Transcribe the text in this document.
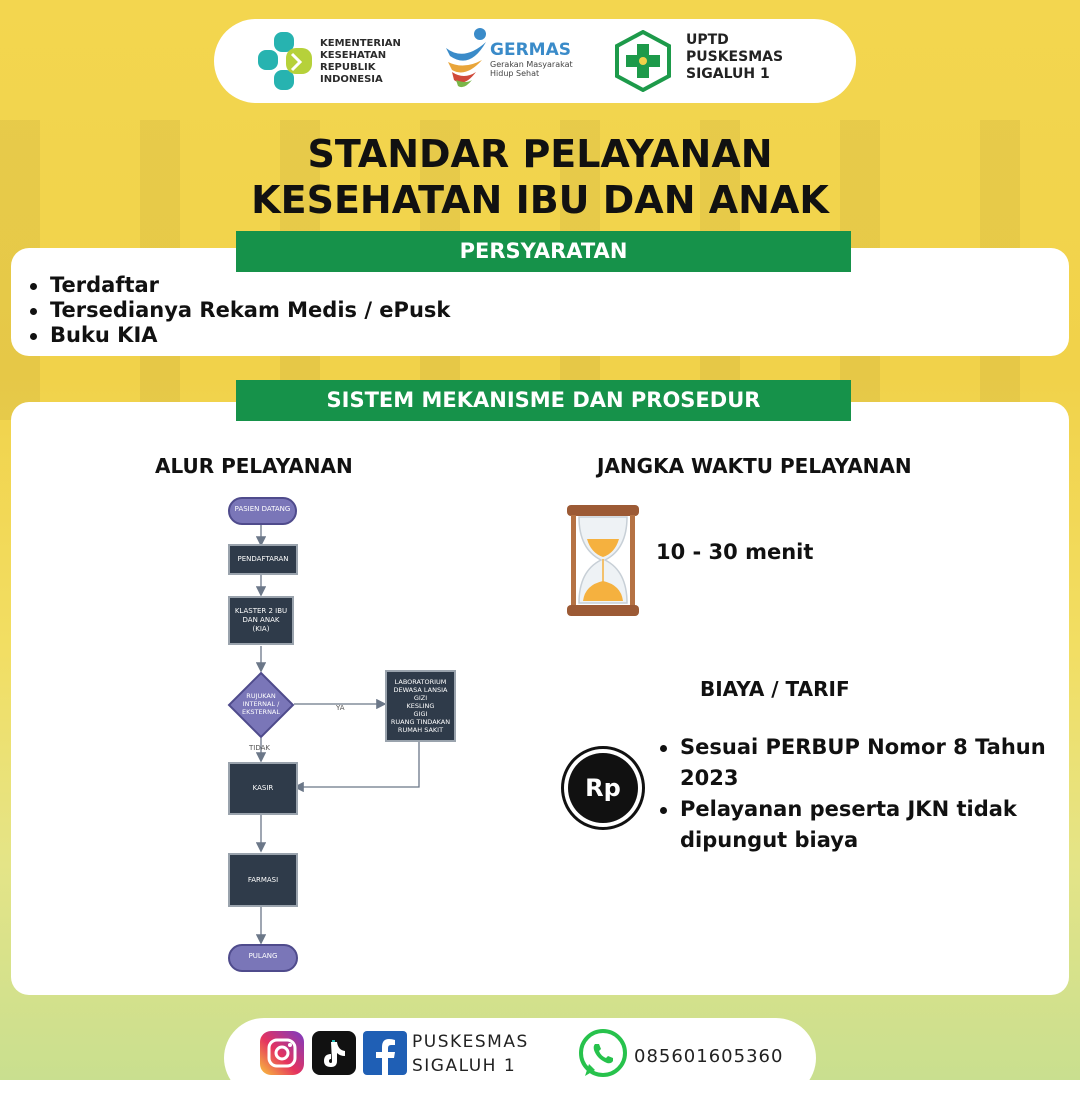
KEMENTERIAN
KESEHATAN
REPUBLIK
INDONESIA
GERMAS
Gerakan Masyarakat Hidup Sehat
UPTD
PUSKESMAS
SIGALUH 1
STANDAR PELAYANAN
KESEHATAN IBU DAN ANAK
PERSYARATAN
Terdaftar
Tersedianya Rekam Medis / ePusk
Buku KIA
SISTEM MEKANISME DAN PROSEDUR
ALUR PELAYANAN	JANGKA WAKTU PELAYANAN
PASIEN DATANG
PENDAFTARAN
KLASTER 2 IBU DAN ANAK (KIA)
RUJUKAN INTERNAL / EKSTERNAL	YA
TIDAK
LABORATORIUM
DEWASA LANSIA
GIZI
KESLING
GIGI
RUANG TINDAKAN
RUMAH SAKIT
KASIR
FARMASI
PULANG
10 - 30 menit
BIAYA / TARIF
Rp
Sesuai PERBUP Nomor 8 Tahun 2023
Pelayanan peserta JKN tidak dipungut biaya
PUSKESMAS
SIGALUH 1	085601605360
